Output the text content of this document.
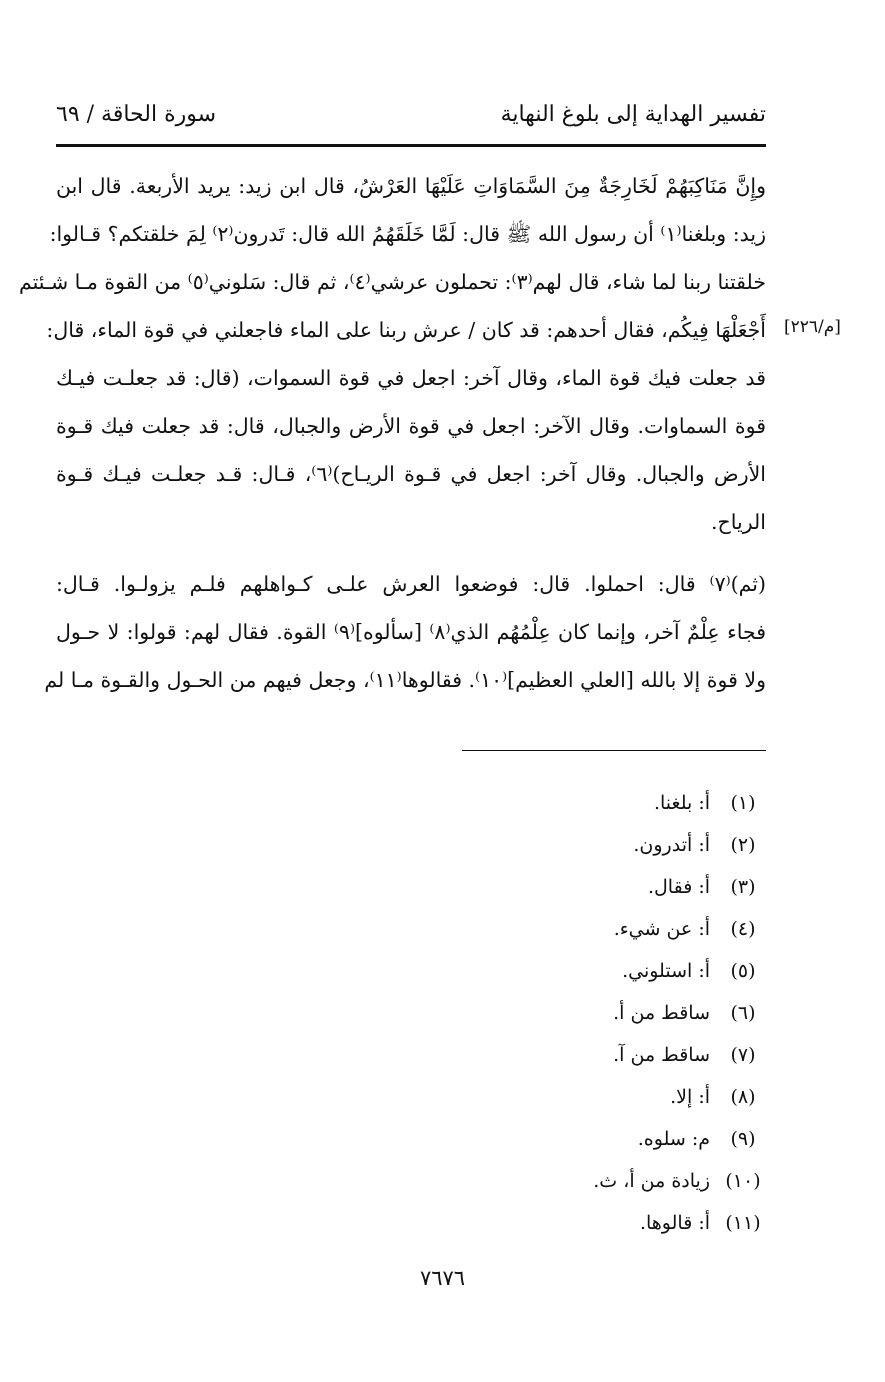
تفسير الهداية إلى بلوغ النهاية
سورة الحاقة / ٦٩
[م/٢٢٦]
وإِنَّ مَنَاكِبَهُمْ لَخَارِجَةٌ مِنَ السَّمَاوَاتِ عَلَيْهَا العَرْشُ، قال ابن زيد: يريد الأربعة. قال ابن
زيد: وبلغنا⁽١⁾ أن رسول الله ﷺ قال: لَمَّا خَلَقَهُمُ الله قال: تَدرون⁽٢⁾ لِمَ خلقتكم؟ قـالوا:
خلقتنا ربنا لما شاء، قال لهم⁽٣⁾: تحملون عرشي⁽٤⁾، ثم قال: سَلوني⁽٥⁾ من القوة مـا شـئتم
أَجْعَلْهَا فِيكُم، فقال أحدهم: قد كان / عرش ربنا على الماء فاجعلني في قوة الماء، قال:
قد جعلت فيك قوة الماء، وقال آخر: اجعل في قوة السموات، (قال: قد جعلـت فيـك
قوة السماوات. وقال الآخر: اجعل في قوة الأرض والجبال، قال: قد جعلت فيك قـوة
الأرض والجبال. وقال آخر: اجعل في قـوة الريـاح)⁽٦⁾، قـال: قـد جعلـت فيـك قـوة
الرياح.
(ثم)⁽٧⁾ قال: احملوا. قال: فوضعوا العرش علـى كـواهلهم فلـم يزولـوا. قـال:
فجاء عِلْمٌ آخر، وإنما كان عِلْمُهُم الذي⁽٨⁾ [سألوه]⁽٩⁾ القوة. فقال لهم: قولوا: لا حـول
ولا قوة إلا بالله [العلي العظيم]⁽١٠⁾. فقالوها⁽١١⁾، وجعل فيهم من الحـول والقـوة مـا لم
(١)
أ: بلغنا.
(٢)
أ: أتدرون.
(٣)
أ: فقال.
(٤)
أ: عن شيء.
(٥)
أ: استلوني.
(٦)
ساقط من أ.
(٧)
ساقط من آ.
(٨)
أ: إلا.
(٩)
م: سلوه.
(١٠)
زيادة من أ، ث.
(١١)
أ: قالوها.
٧٦٧٦
